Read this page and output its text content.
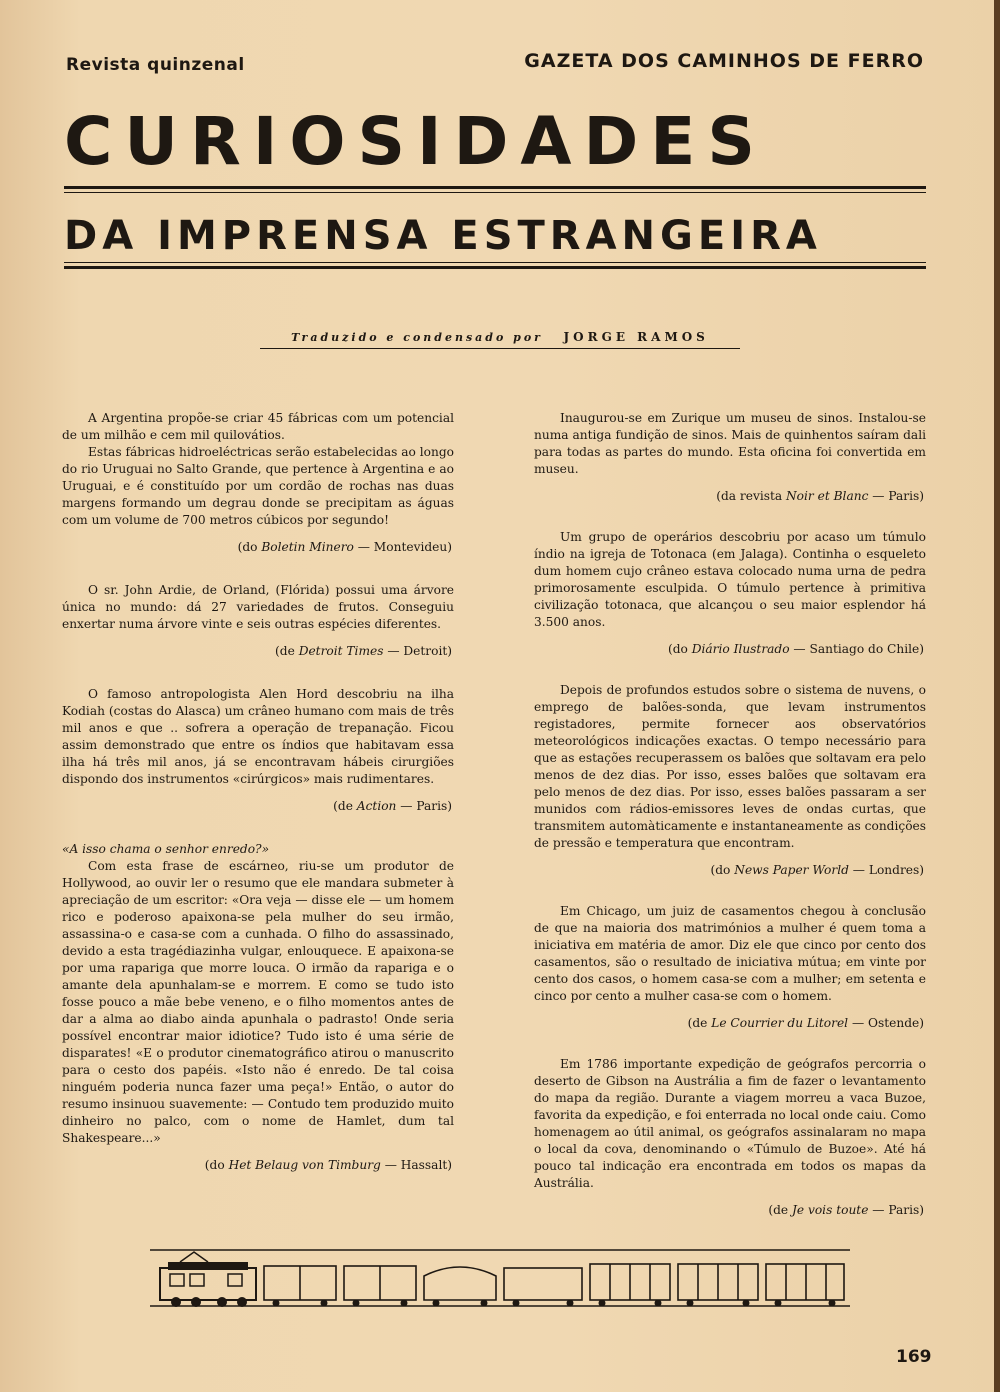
Revista quinzenal	GAZETA DOS CAMINHOS DE FERRO
CURIOSIDADES
DA IMPRENSA ESTRANGEIRA
Traduzido e condensado por JORGE RAMOS

A Argentina propõe-se criar 45 fábricas com um potencial de um milhão e cem mil quilovátios.

Estas fábricas hidroeléctricas serão estabelecidas ao longo do rio Uruguai no Salto Grande, que pertence à Argentina e ao Uruguai, e é constituído por um cordão de rochas nas duas margens formando um degrau donde se precipitam as águas com um volume de 700 metros cúbicos por segundo!

(do Boletin Minero — Montevideu)

O sr. John Ardie, de Orland, (Flórida) possui uma árvore única no mundo: dá 27 variedades de frutos. Conseguiu enxertar numa árvore vinte e seis outras espécies diferentes.

(de Detroit Times — Detroit)

O famoso antropologista Alen Hord descobriu na ilha Kodiah (costas do Alasca) um crâneo humano com mais de três mil anos e que .. sofrera a operação de trepanação. Ficou assim demonstrado que entre os índios que habitavam essa ilha há três mil anos, já se encontravam hábeis cirurgiões dispondo dos instrumentos «cirúrgicos» mais rudimentares.

(de Action — Paris)

«A isso chama o senhor enredo?»

Com esta frase de escárneo, riu-se um produtor de Hollywood, ao ouvir ler o resumo que ele mandara submeter à apreciação de um escritor: «Ora veja — disse ele — um homem rico e poderoso apaixona-se pela mulher do seu irmão, assassina-o e casa-se com a cunhada. O filho do assassinado, devido a esta tragédiazinha vulgar, enlouquece. E apaixona-se por uma rapariga que morre louca. O irmão da rapariga e o amante dela apunhalam-se e morrem. E como se tudo isto fosse pouco a mãe bebe veneno, e o filho momentos antes de dar a alma ao diabo ainda apunhala o padrasto! Onde seria possível encontrar maior idiotice? Tudo isto é uma série de disparates! «E o produtor cinematográfico atirou o manuscrito para o cesto dos papéis. «Isto não é enredo. De tal coisa ninguém poderia nunca fazer uma peça!» Então, o autor do resumo insinuou suavemente: — Contudo tem produzido muito dinheiro no palco, com o nome de Hamlet, dum tal Shakespeare...»

(do Het Belaug von Timburg — Hassalt)

Inaugurou-se em Zurique um museu de sinos. Instalou-se numa antiga fundição de sinos. Mais de quinhentos saíram dali para todas as partes do mundo. Esta oficina foi convertida em museu.

(da revista Noir et Blanc — Paris)

Um grupo de operários descobriu por acaso um túmulo índio na igreja de Totonaca (em Jalaga). Continha o esqueleto dum homem cujo crâneo estava colocado numa urna de pedra primorosamente esculpida. O túmulo pertence à primitiva civilização totonaca, que alcançou o seu maior esplendor há 3.500 anos.

(do Diário Ilustrado — Santiago do Chile)

Depois de profundos estudos sobre o sistema de nuvens, o emprego de balões-sonda, que levam instrumentos registadores, permite fornecer aos observatórios meteorológicos indicações exactas. O tempo necessário para que as estações recuperassem os balões que soltavam era pelo menos de dez dias. Por isso, esses balões que soltavam era pelo menos de dez dias. Por isso, esses balões passaram a ser munidos com rádios-emissores leves de ondas curtas, que transmitem automàticamente e instantaneamente as condições de pressão e temperatura que encontram.

(do News Paper World — Londres)

Em Chicago, um juiz de casamentos chegou à conclusão de que na maioria dos matrimónios a mulher é quem toma a iniciativa em matéria de amor. Diz ele que cinco por cento dos casamentos, são o resultado de iniciativa mútua; em vinte por cento dos casos, o homem casa-se com a mulher; em setenta e cinco por cento a mulher casa-se com o homem.

(de Le Courrier du Litorel — Ostende)

Em 1786 importante expedição de geógrafos percorria o deserto de Gibson na Austrália a fim de fazer o levantamento do mapa da região. Durante a viagem morreu a vaca Buzoe, favorita da expedição, e foi enterrada no local onde caiu. Como homenagem ao útil animal, os geógrafos assinalaram no mapa o local da cova, denominando o «Túmulo de Buzoe». Até há pouco tal indicação era encontrada em todos os mapas da Austrália.

(de Je vois toute — Paris)
169
